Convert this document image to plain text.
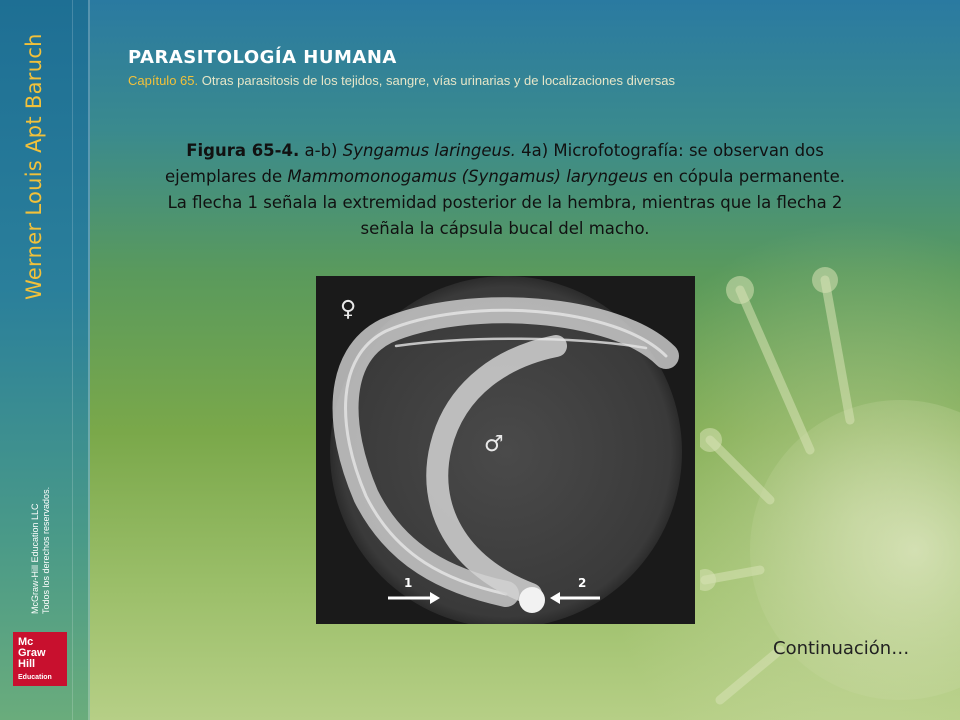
Werner Louis Apt Baruch
McGraw-Hill Education LLC Todos los derechos reservados.
Mc
Graw
Hill
Education
PARASITOLOGÍA HUMANA
Capítulo 65. Otras parasitosis de los tejidos, sangre, vías urinarias y de localizaciones diversas
Figura 65-4. a-b) Syngamus laringeus. 4a) Microfotografía: se observan dos ejemplares de Mammomonogamus (Syngamus) laryngeus en cópula permanente. La flecha 1 señala la extremidad posterior de la hembra, mientras que la flecha 2 señala la cápsula bucal del macho.
♀
♂
1	2
Continuación…
